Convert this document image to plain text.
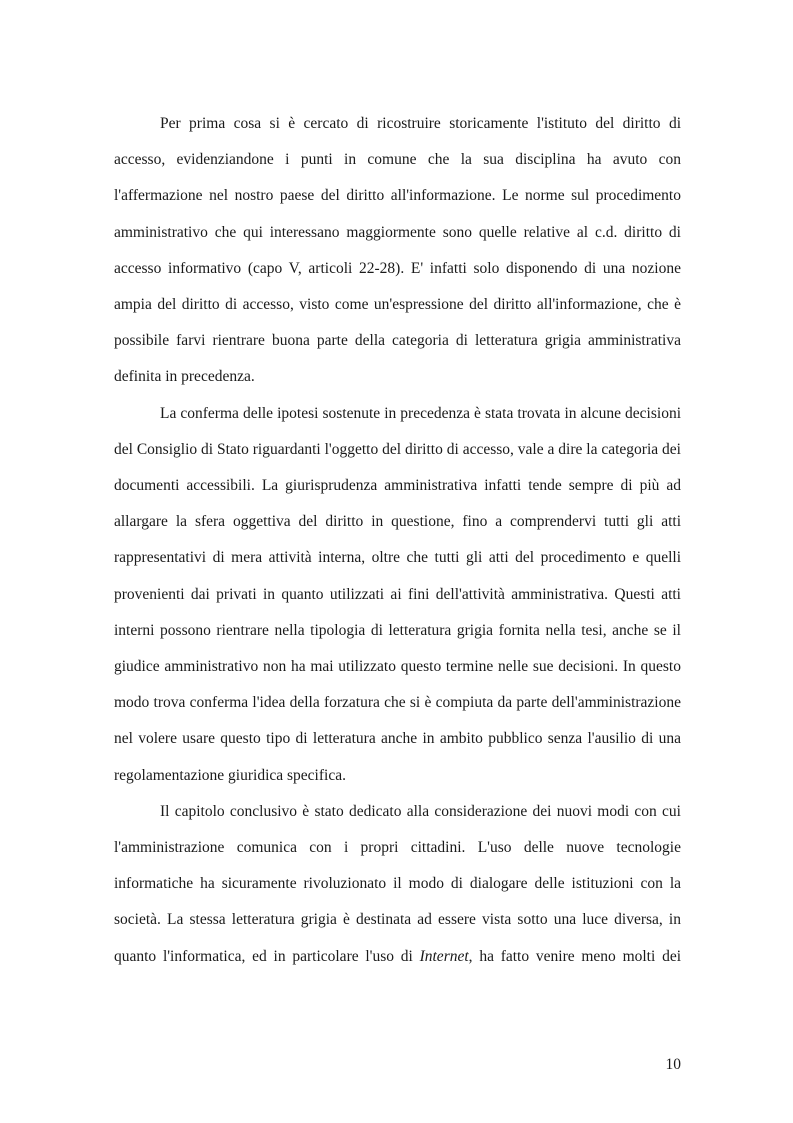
Per prima cosa si è cercato di ricostruire storicamente l'istituto del diritto di accesso, evidenziandone i punti in comune che la sua disciplina ha avuto con l'affermazione nel nostro paese del diritto all'informazione. Le norme sul procedimento amministrativo che qui interessano maggiormente sono quelle relative al c.d. diritto di accesso informativo (capo V, articoli 22-28). E' infatti solo disponendo di una nozione ampia del diritto di accesso, visto come un'espressione del diritto all'informazione, che è possibile farvi rientrare buona parte della categoria di letteratura grigia amministrativa definita in precedenza.

La conferma delle ipotesi sostenute in precedenza è stata trovata in alcune decisioni del Consiglio di Stato riguardanti l'oggetto del diritto di accesso, vale a dire la categoria dei documenti accessibili. La giurisprudenza amministrativa infatti tende sempre di più ad allargare la sfera oggettiva del diritto in questione, fino a comprendervi tutti gli atti rappresentativi di mera attività interna, oltre che tutti gli atti del procedimento e quelli provenienti dai privati in quanto utilizzati ai fini dell'attività amministrativa. Questi atti interni possono rientrare nella tipologia di letteratura grigia fornita nella tesi, anche se il giudice amministrativo non ha mai utilizzato questo termine nelle sue decisioni. In questo modo trova conferma l'idea della forzatura che si è compiuta da parte dell'amministrazione nel volere usare questo tipo di letteratura anche in ambito pubblico senza l'ausilio di una regolamentazione giuridica specifica.

Il capitolo conclusivo è stato dedicato alla considerazione dei nuovi modi con cui l'amministrazione comunica con i propri cittadini. L'uso delle nuove tecnologie informatiche ha sicuramente rivoluzionato il modo di dialogare delle istituzioni con la società. La stessa letteratura grigia è destinata ad essere vista sotto una luce diversa, in quanto l'informatica, ed in particolare l'uso di Internet, ha fatto venire meno molti dei

10
